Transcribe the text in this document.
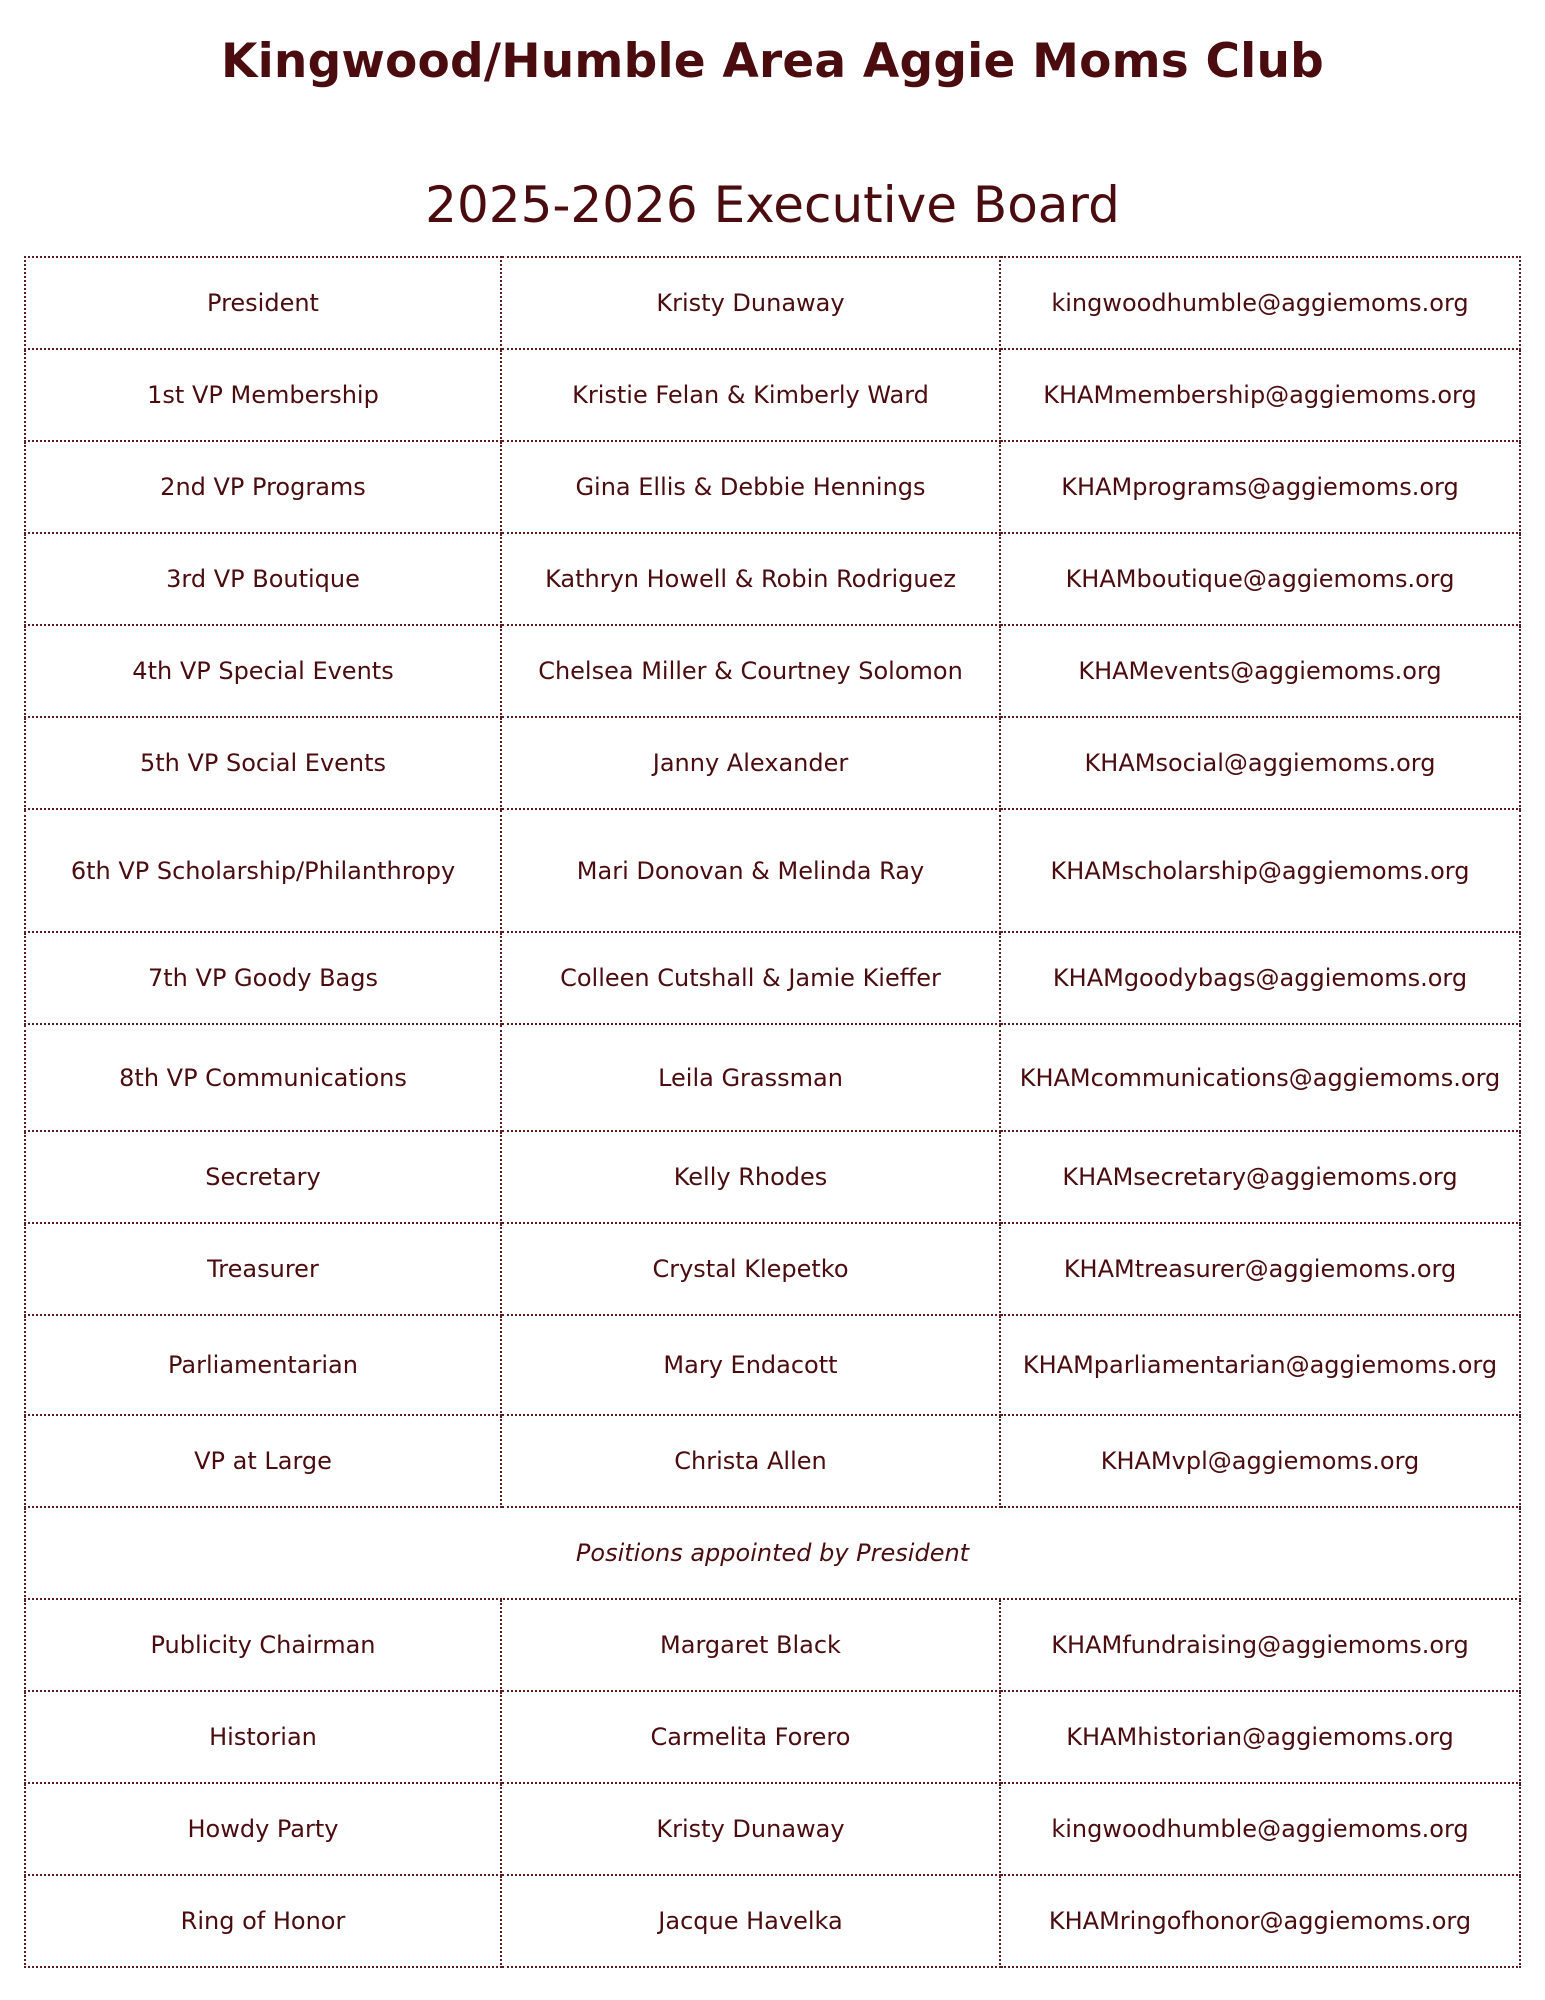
Kingwood/Humble Area Aggie Moms Club
2025-2026 Executive Board
President	Kristy Dunaway	kingwoodhumble@aggiemoms.org
1st VP Membership	Kristie Felan & Kimberly Ward	KHAMmembership@aggiemoms.org
2nd VP Programs	Gina Ellis & Debbie Hennings	KHAMprograms@aggiemoms.org
3rd VP Boutique	Kathryn Howell & Robin Rodriguez	KHAMboutique@aggiemoms.org
4th VP Special Events	Chelsea Miller & Courtney Solomon	KHAMevents@aggiemoms.org
5th VP Social Events	Janny Alexander	KHAMsocial@aggiemoms.org
6th VP Scholarship/Philanthropy	Mari Donovan & Melinda Ray	KHAMscholarship@aggiemoms.org
7th VP Goody Bags	Colleen Cutshall & Jamie Kieffer	KHAMgoodybags@aggiemoms.org
8th VP Communications	Leila Grassman	KHAMcommunications@aggiemoms.org
Secretary	Kelly Rhodes	KHAMsecretary@aggiemoms.org
Treasurer	Crystal Klepetko	KHAMtreasurer@aggiemoms.org
Parliamentarian	Mary Endacott	KHAMparliamentarian@aggiemoms.org
VP at Large	Christa Allen	KHAMvpl@aggiemoms.org
Positions appointed by President		
Publicity Chairman	Margaret Black	KHAMfundraising@aggiemoms.org
Historian	Carmelita Forero	KHAMhistorian@aggiemoms.org
Howdy Party	Kristy Dunaway	kingwoodhumble@aggiemoms.org
Ring of Honor	Jacque Havelka	KHAMringofhonor@aggiemoms.org
